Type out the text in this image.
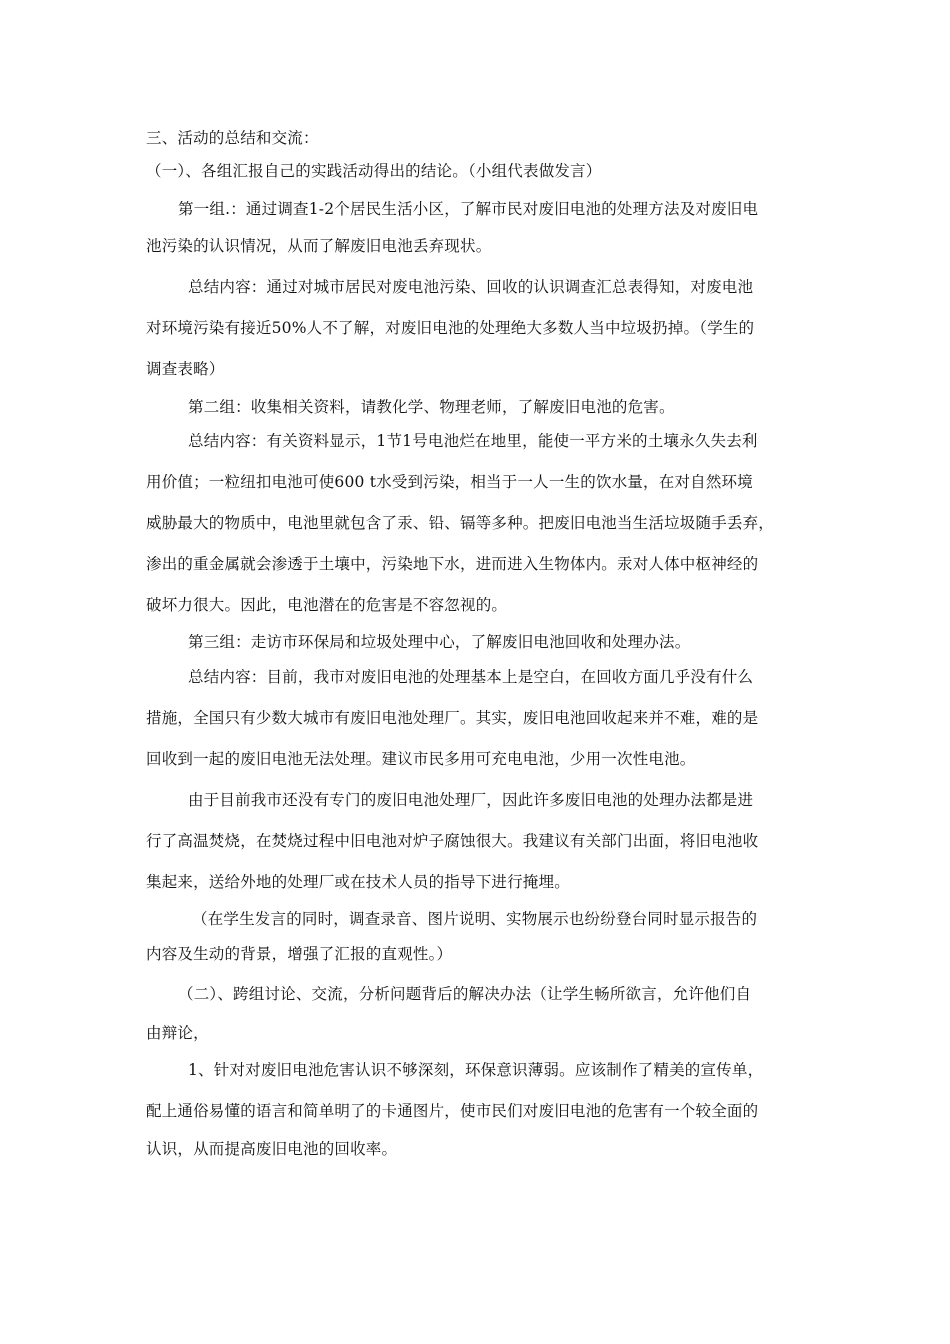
三、活动的总结和交流：
（一）、各组汇报自己的实践活动得出的结论。（小组代表做发言）
第一组.：通过调查1-2个居民生活小区，了解市民对废旧电池的处理方法及对废旧电
池污染的认识情况，从而了解废旧电池丢弃现状。
总结内容：通过对城市居民对废电池污染、回收的认识调查汇总表得知，对废电池
对环境污染有接近50%人不了解，对废旧电池的处理绝大多数人当中垃圾扔掉。（学生的
调查表略）
第二组：收集相关资料，请教化学、物理老师，了解废旧电池的危害。
总结内容：有关资料显示，1节1号电池烂在地里，能使一平方米的土壤永久失去利
用价值；一粒纽扣电池可使600 t水受到污染，相当于一人一生的饮水量，在对自然环境
威胁最大的物质中，电池里就包含了汞、铅、镉等多种。把废旧电池当生活垃圾随手丢弃，
渗出的重金属就会渗透于土壤中，污染地下水，进而进入生物体内。汞对人体中枢神经的
破坏力很大。因此，电池潜在的危害是不容忽视的。
第三组：走访市环保局和垃圾处理中心，了解废旧电池回收和处理办法。
总结内容：目前，我市对废旧电池的处理基本上是空白，在回收方面几乎没有什么
措施，全国只有少数大城市有废旧电池处理厂。其实，废旧电池回收起来并不难，难的是
回收到一起的废旧电池无法处理。建议市民多用可充电电池，少用一次性电池。
由于目前我市还没有专门的废旧电池处理厂，因此许多废旧电池的处理办法都是进
行了高温焚烧，在焚烧过程中旧电池对炉子腐蚀很大。我建议有关部门出面，将旧电池收
集起来，送给外地的处理厂或在技术人员的指导下进行掩埋。
（在学生发言的同时，调查录音、图片说明、实物展示也纷纷登台同时显示报告的
内容及生动的背景，增强了汇报的直观性。）
（二）、跨组讨论、交流，分析问题背后的解决办法（让学生畅所欲言，允许他们自
由辩论，
1、针对对废旧电池危害认识不够深刻，环保意识薄弱。应该制作了精美的宣传单，
配上通俗易懂的语言和简单明了的卡通图片，使市民们对废旧电池的危害有一个较全面的
认识，从而提高废旧电池的回收率。
